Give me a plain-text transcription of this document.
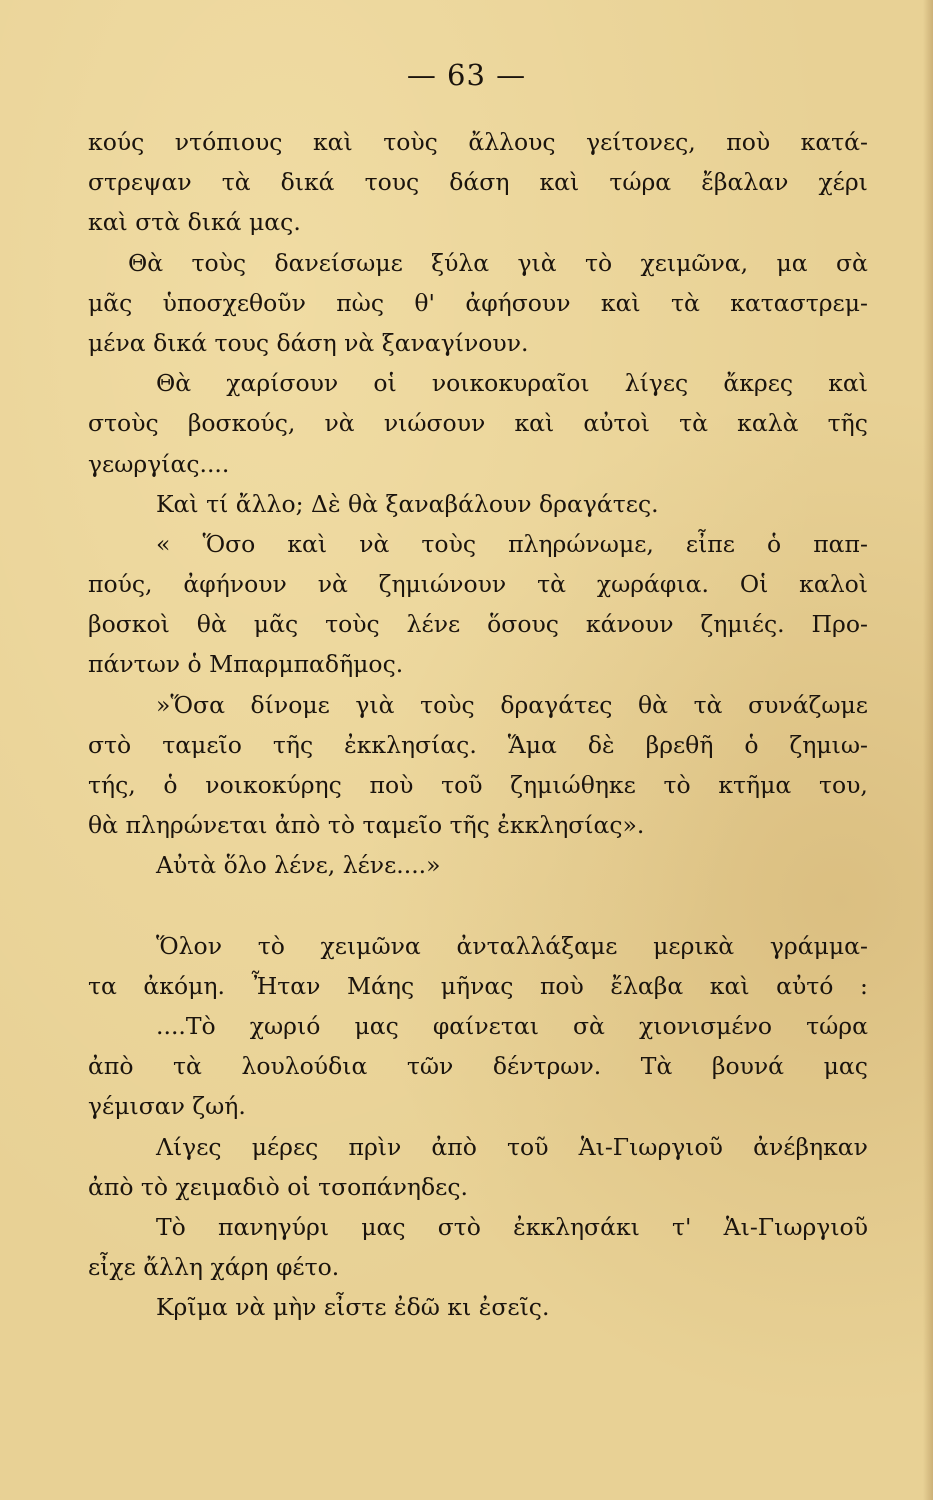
— 63 —
κούς ντόπιους καὶ τοὺς ἄλλους γείτονες, ποὺ κατά-
στρεψαν τὰ δικά τους δάση καὶ τώρα ἔβαλαν χέρι
καὶ στὰ δικά μας.
Θὰ τοὺς δανείσωμε ξύλα γιὰ τὸ χειμῶνα, μα σὰ
μᾶς ὑποσχεθοῦν πὼς θ' ἀφήσουν καὶ τὰ καταστρεμ-
μένα δικά τους δάση νὰ ξαναγίνουν.
Θὰ χαρίσουν οἱ νοικοκυραῖοι λίγες ἄκρες καὶ
στοὺς βοσκούς, νὰ νιώσουν καὶ αὐτοὶ τὰ καλὰ τῆς
γεωργίας....
Καὶ τί ἄλλο; Δὲ θὰ ξαναβάλουν δραγάτες.
« Ὅσο καὶ νὰ τοὺς πληρώνωμε, εἶπε ὁ παπ-
πούς, ἀφήνουν νὰ ζημιώνουν τὰ χωράφια. Οἱ καλοὶ
βοσκοὶ θὰ μᾶς τοὺς λένε ὅσους κάνουν ζημιές. Προ-
πάντων ὁ Μπαρμπαδῆμος.
»Ὅσα δίνομε γιὰ τοὺς δραγάτες θὰ τὰ συνάζωμε
στὸ ταμεῖο τῆς ἐκκλησίας. Ἅμα δὲ βρεθῆ ὁ ζημιω-
τής, ὁ νοικοκύρης ποὺ τοῦ ζημιώθηκε τὸ κτῆμα του,
θὰ πληρώνεται ἀπὸ τὸ ταμεῖο τῆς ἐκκλησίας».
Αὐτὰ ὅλο λένε, λένε....»
Ὅλον τὸ χειμῶνα ἀνταλλάξαμε μερικὰ γράμμα-
τα ἀκόμη. Ἦταν Μάης μῆνας ποὺ ἔλαβα καὶ αὐτό :
....Τὸ χωριό μας φαίνεται σὰ χιονισμένο τώρα
ἀπὸ τὰ λουλούδια τῶν δέντρων. Τὰ βουνά μας
γέμισαν ζωή.
Λίγες μέρες πρὶν ἀπὸ τοῦ Ἁι-Γιωργιοῦ ἀνέβηκαν
ἀπὸ τὸ χειμαδιὸ οἱ τσοπάνηδες.
Τὸ πανηγύρι μας στὸ ἐκκλησάκι τ' Ἁι-Γιωργιοῦ
εἶχε ἄλλη χάρη φέτο.
Κρῖμα νὰ μὴν εἶστε ἐδῶ κι ἐσεῖς.
